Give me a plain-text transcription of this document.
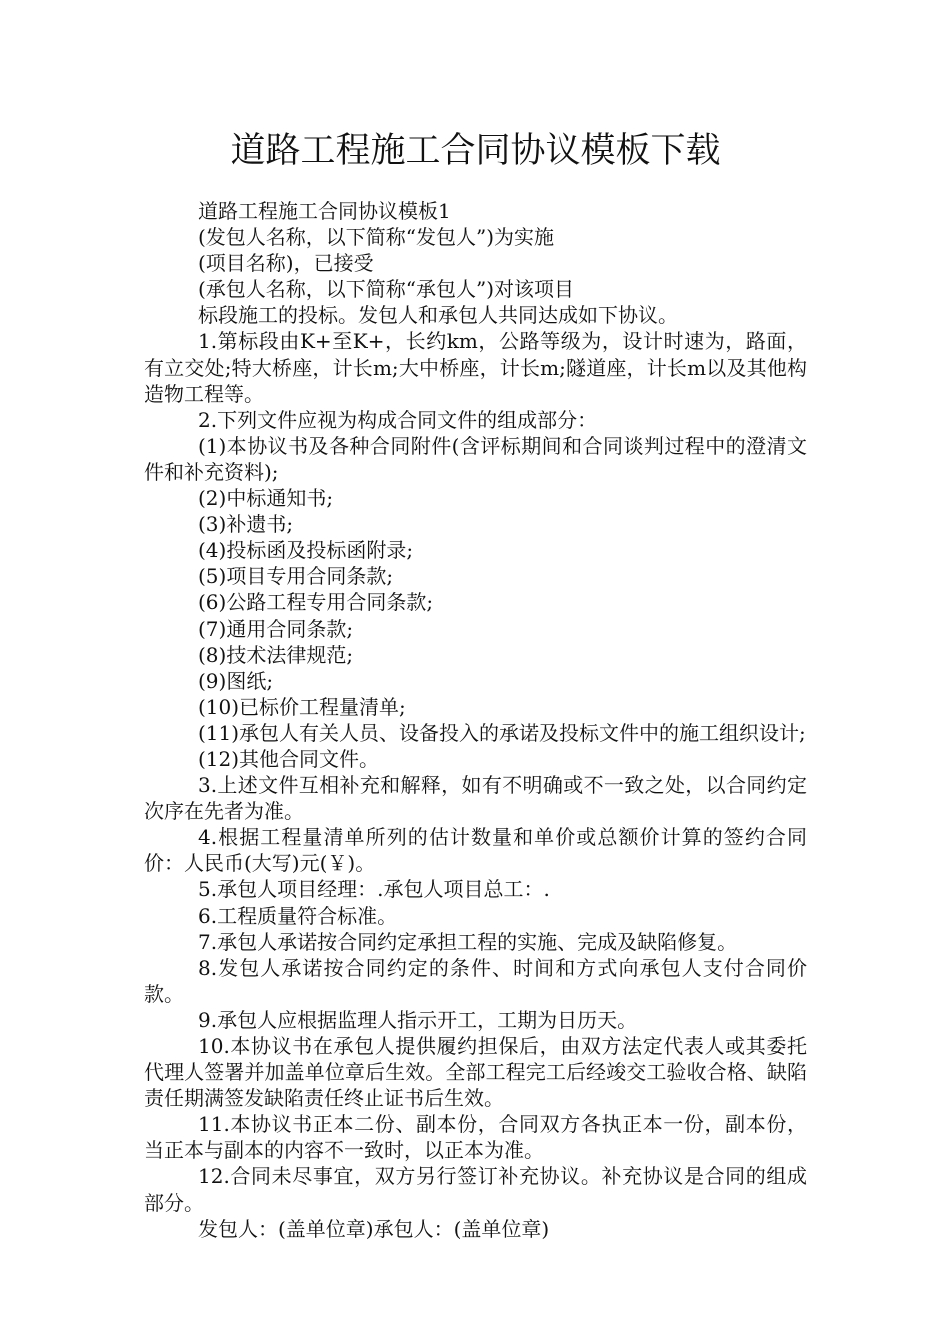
道路工程施工合同协议模板下载

道路工程施工合同协议模板1

(发包人名称，以下简称“发包人”)为实施

(项目名称)，已接受

(承包人名称，以下简称“承包人”)对该项目

标段施工的投标。发包人和承包人共同达成如下协议。

1.第标段由K+至K+，长约km，公路等级为，设计时速为，路面，有立交处;特大桥座，计长m;大中桥座，计长m;隧道座，计长m以及其他构造物工程等。

2.下列文件应视为构成合同文件的组成部分：

(1)本协议书及各种合同附件(含评标期间和合同谈判过程中的澄清文件和补充资料);

(2)中标通知书;

(3)补遗书;

(4)投标函及投标函附录;

(5)项目专用合同条款;

(6)公路工程专用合同条款;

(7)通用合同条款;

(8)技术法律规范;

(9)图纸;

(10)已标价工程量清单;

(11)承包人有关人员、设备投入的承诺及投标文件中的施工组织设计;

(12)其他合同文件。

3.上述文件互相补充和解释，如有不明确或不一致之处，以合同约定次序在先者为准。

4.根据工程量清单所列的估计数量和单价或总额价计算的签约合同价：人民币(大写)元(￥)。

5.承包人项目经理：.承包人项目总工：.

6.工程质量符合标准。

7.承包人承诺按合同约定承担工程的实施、完成及缺陷修复。

8.发包人承诺按合同约定的条件、时间和方式向承包人支付合同价款。

9.承包人应根据监理人指示开工，工期为日历天。

10.本协议书在承包人提供履约担保后，由双方法定代表人或其委托代理人签署并加盖单位章后生效。全部工程完工后经竣交工验收合格、缺陷责任期满签发缺陷责任终止证书后生效。

11.本协议书正本二份、副本份，合同双方各执正本一份，副本份，当正本与副本的内容不一致时，以正本为准。

12.合同未尽事宜，双方另行签订补充协议。补充协议是合同的组成部分。

发包人：(盖单位章)承包人：(盖单位章)
